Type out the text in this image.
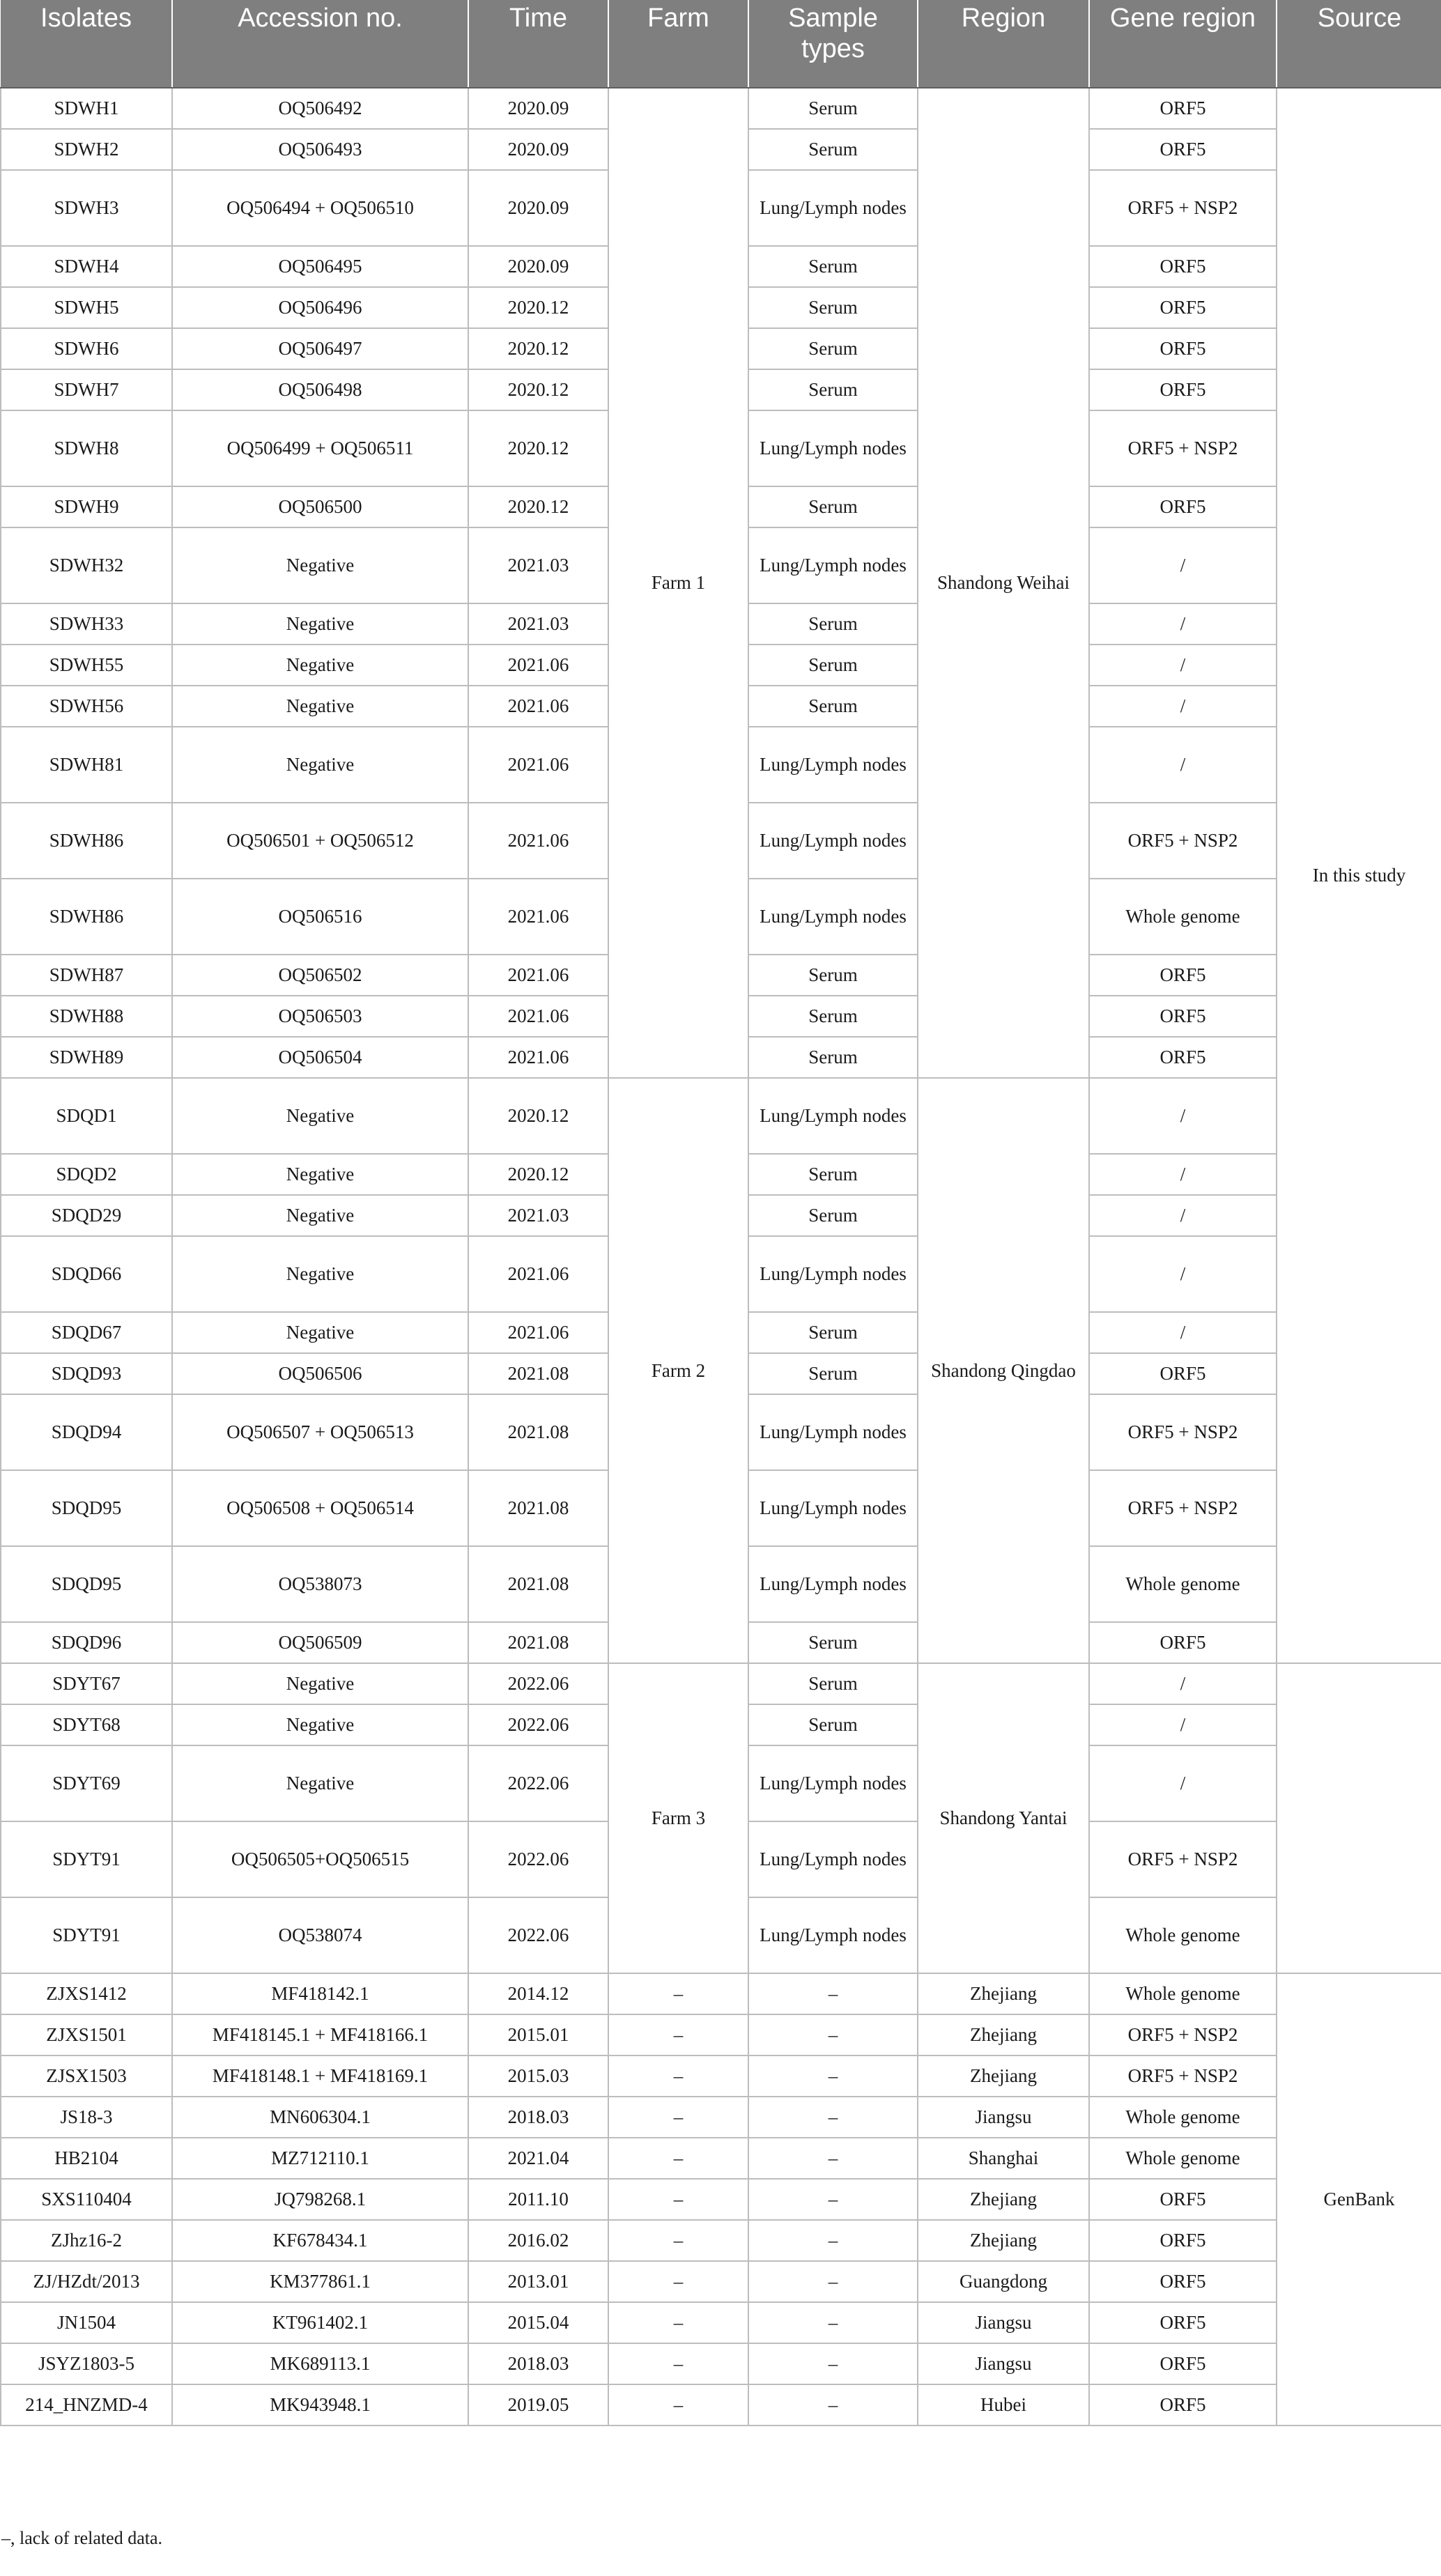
Isolates	Accession no.	Time	Farm	Sample types	Region	Gene region	Source
SDWH1	OQ506492	2020.09	Farm 1	Serum	Shandong Weihai	ORF5	In this study
SDWH2	OQ506493	2020.09		Serum		ORF5	
SDWH3	OQ506494 + OQ506510	2020.09		Lung/Lymph nodes		ORF5 + NSP2	
SDWH4	OQ506495	2020.09		Serum		ORF5	
SDWH5	OQ506496	2020.12		Serum		ORF5	
SDWH6	OQ506497	2020.12		Serum		ORF5	
SDWH7	OQ506498	2020.12		Serum		ORF5	
SDWH8	OQ506499 + OQ506511	2020.12		Lung/Lymph nodes		ORF5 + NSP2	
SDWH9	OQ506500	2020.12		Serum		ORF5	
SDWH32	Negative	2021.03		Lung/Lymph nodes		/	
SDWH33	Negative	2021.03		Serum		/	
SDWH55	Negative	2021.06		Serum		/	
SDWH56	Negative	2021.06		Serum		/	
SDWH81	Negative	2021.06		Lung/Lymph nodes		/	
SDWH86	OQ506501 + OQ506512	2021.06		Lung/Lymph nodes		ORF5 + NSP2	
SDWH86	OQ506516	2021.06		Lung/Lymph nodes		Whole genome	
SDWH87	OQ506502	2021.06		Serum		ORF5	
SDWH88	OQ506503	2021.06		Serum		ORF5	
SDWH89	OQ506504	2021.06		Serum		ORF5	
SDQD1	Negative	2020.12	Farm 2	Lung/Lymph nodes	Shandong Qingdao	/	
SDQD2	Negative	2020.12		Serum		/	
SDQD29	Negative	2021.03		Serum		/	
SDQD66	Negative	2021.06		Lung/Lymph nodes		/	
SDQD67	Negative	2021.06		Serum		/	
SDQD93	OQ506506	2021.08		Serum		ORF5	
SDQD94	OQ506507 + OQ506513	2021.08		Lung/Lymph nodes		ORF5 + NSP2	
SDQD95	OQ506508 + OQ506514	2021.08		Lung/Lymph nodes		ORF5 + NSP2	
SDQD95	OQ538073	2021.08		Lung/Lymph nodes		Whole genome	
SDQD96	OQ506509	2021.08		Serum		ORF5	
SDYT67	Negative	2022.06	Farm 3	Serum	Shandong Yantai	/	
SDYT68	Negative	2022.06		Serum		/	
SDYT69	Negative	2022.06		Lung/Lymph nodes		/	
SDYT91	OQ506505+OQ506515	2022.06		Lung/Lymph nodes		ORF5 + NSP2	
SDYT91	OQ538074	2022.06		Lung/Lymph nodes		Whole genome	
ZJXS1412	MF418142.1	2014.12	–	–	Zhejiang	Whole genome	GenBank
ZJXS1501	MF418145.1 + MF418166.1	2015.01	–	–	Zhejiang	ORF5 + NSP2	
ZJSX1503	MF418148.1 + MF418169.1	2015.03	–	–	Zhejiang	ORF5 + NSP2	
JS18-3	MN606304.1	2018.03	–	–	Jiangsu	Whole genome	
HB2104	MZ712110.1	2021.04	–	–	Shanghai	Whole genome	
SXS110404	JQ798268.1	2011.10	–	–	Zhejiang	ORF5	
ZJhz16-2	KF678434.1	2016.02	–	–	Zhejiang	ORF5	
ZJ/HZdt/2013	KM377861.1	2013.01	–	–	Guangdong	ORF5	
JN1504	KT961402.1	2015.04	–	–	Jiangsu	ORF5	
JSYZ1803-5	MK689113.1	2018.03	–	–	Jiangsu	ORF5	
214_HNZMD-4	MK943948.1	2019.05	–	–	Hubei	ORF5	
–, lack of related data.
